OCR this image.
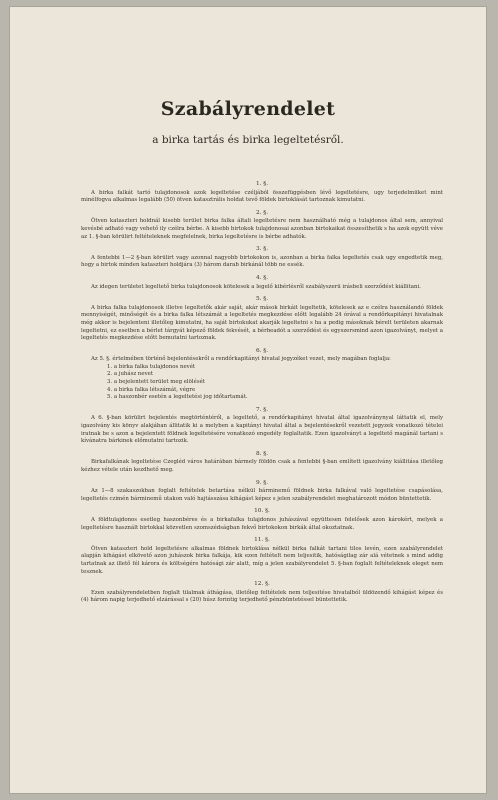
Szabályrendelet
a birka tartás és birka legeltetésről.
1. §.

A birka falkát tartó tulajdonosok azok legeltetése czéljából összefüggésben lévő legeltetésre, ugy terjedelmüket mint minélfogva alkalmas legalább (50) ötven katasztrális holdat tevő földek birtoklását tartoznak kimutatni.

2. §.

Ötven kataszteri holdnál kisebb terület birka falka általi legeltetésre nem használható még a tulajdonos által sem, annyival kevésbé adható vagy vehető ily czélra bérbe. A kisebb birtokok tulajdonosai azonban birtokaikat összesíthetik s ha azok együtt véve az 1. §-ban körülirt feltételeknek megfelelnek, birka legeltetésre is bérbe adhatók.

3. §.

A fentebbi 1—2 §-ban körülirt vagy azonnal nagyobb birtokokon is, azonban a birka falka legeltetés csak ugy engedtetik meg, hogy a birtok minden kataszteri holdjára (3) három darab birkánál több ne essék.

4. §.

Az idegen területet legeltető birka tulajdonosok kötelesek a legelő kibérlésről szabályszerü irásbeli szerződést kiállitani.

5. §.

A birka falka tulajdonosok illetve legeltetők akár saját, akár mások birkáit legeltetik, kötelesek az e czélra használandó földek mennyiségét, minőségét és a birka falka létszámát a legeltetés megkezdése előtt legalább 24 órával a rendőrkapitányi hivatalnak még akkor is bejelenteni illetőleg kimutatni, ha saját birtokukat akarják legeltetni s ha a pedig másoknak bérelt területen akarnak legeltetni, ez esetben a bérlet tárgyát képező földek fekvését, a bérbeadót a szerződést és egyszersmind azon igazolványt, melyet a legeltetés megkezdése előtt bemutatni tartoznak.

6. §.

Az 5. §. értelmében történő bejelentésekről a rendőrkapitányi hivatal jegyzéket vezet, mely magában foglalja:

1. a birka falka tulajdonos nevét
2. a juhász nevet
3. a bejelentett terület meg elölését
4. a birka falka létszámát, végre
5. a haszonbér esetén a legeltetési jog időtartamát.
7. §.

A 6. §-ban körülirt bejelentés megtörténtéről, a legeltető, a rendőrkapitányi hivatal által igazolványnyal láttatik el, mely igazolvány kis könyv alakjában állitatik ki a melyben a kapitányi hivatal által a bejelentésekről vezetett jegyzek vonatkozó tételei iratnak be s azon a bejelentett földnek legeltetésére vonatkozó engedély foglaltatik. Ezen igazolványt a legeltető magánál tartani s kívánatra bárkinek előmutatni tartozik.

8. §.

Birkafalkának legeltetése Czegléd város határában bármely földön csak a fentebbi §-ban említett igazolvány kiállitása illetőleg kézhez vétele után kezdhető meg.

9. §.

Az 1—8 szakaszokban foglalt feltételek betartása nélkül bárminemű földnek birka falkával való legeltetése csapásolása, legeltetés czimén bárminemű utakon való hajtásszása kihágást képez s jelen szabályrendelet meghatározott módon büntettetik.

10. §.

A földtulajdonos esetleg haszonbéres és a birkafalka tulajdonos juhászával együttesen felelősek azon károkért, melyek a legeltetésre használt birtokkal közvetlen szomszédságban fekvő birtokokon birkák által okoztatnak.

11. §.

Ötven kataszteri hold legeltetésre alkalmas földnek birtoklása nélkül birka falkát tartani tilos levén, ezen szabályrendelet alapján kihágást elkövető azon juhászok birka falkája, kik ezen feltételt nem teljesitik, hatóságilag zár alá vétetnek s mind addig tartatnak az illető fél károra és költségére hatósági zár alatt, míg a jelen szabályrendelet 5. §-ban foglalt feltételeknek eleget nem tesznek.

12. §.

Ezen szabályrendeletben foglalt tilalmak áthágása, illetőleg feltételek nem teljesitése hivatalból üldözendő kihágást képez és (4) három napig terjedhető elzárással s (20) húsz forintig terjedhető pénzbüntetéssel büntettetik.
